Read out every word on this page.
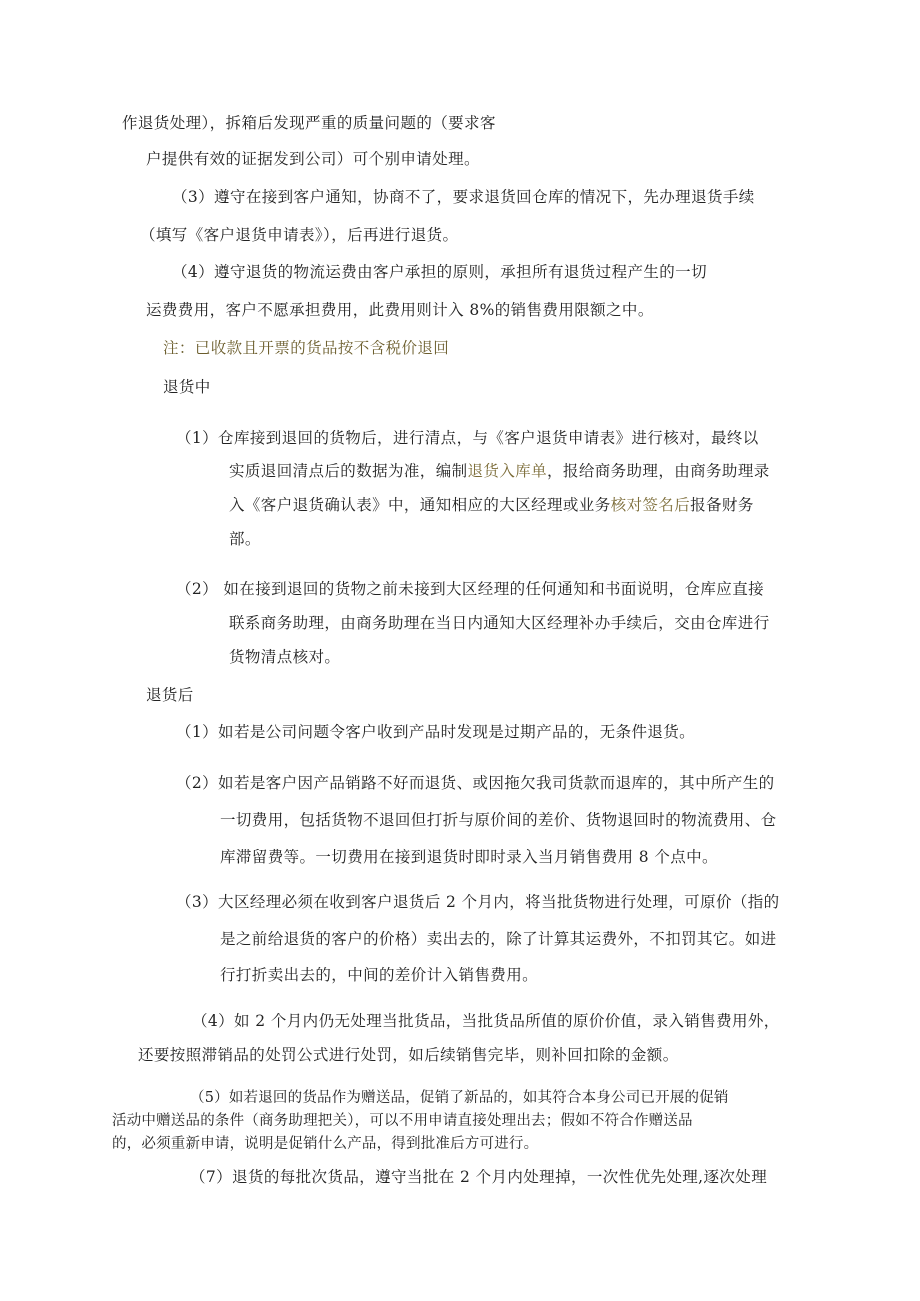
作退货处理），拆箱后发现严重的质量问题的（要求客
户提供有效的证据发到公司）可个别申请处理。
（3）遵守在接到客户通知，协商不了，要求退货回仓库的情况下，先办理退货手续
（填写《客户退货申请表》），后再进行退货。
（4）遵守退货的物流运费由客户承担的原则，承担所有退货过程产生的一切
运费费用，客户不愿承担费用，此费用则计入 8%的销售费用限额之中。
注：已收款且开票的货品按不含税价退回
退货中
（1）仓库接到退回的货物后，进行清点，与《客户退货申请表》进行核对，最终以
实质退回清点后的数据为准，编制退货入库单，报给商务助理，由商务助理录
入《客户退货确认表》中，通知相应的大区经理或业务核对签名后报备财务
部。
（2） 如在接到退回的货物之前未接到大区经理的任何通知和书面说明，仓库应直接
联系商务助理，由商务助理在当日内通知大区经理补办手续后，交由仓库进行
货物清点核对。
退货后
（1）如若是公司问题令客户收到产品时发现是过期产品的，无条件退货。
（2）如若是客户因产品销路不好而退货、或因拖欠我司货款而退库的，其中所产生的
一切费用，包括货物不退回但打折与原价间的差价、货物退回时的物流费用、仓
库滞留费等。一切费用在接到退货时即时录入当月销售费用 8 个点中。
（3）大区经理必须在收到客户退货后 2 个月内，将当批货物进行处理，可原价（指的
是之前给退货的客户的价格）卖出去的，除了计算其运费外，不扣罚其它。如进
行打折卖出去的，中间的差价计入销售费用。
（4）如 2 个月内仍无处理当批货品，当批货品所值的原价价值，录入销售费用外，
还要按照滞销品的处罚公式进行处罚，如后续销售完毕，则补回扣除的金额。
（5）如若退回的货品作为赠送品，促销了新品的，如其符合本身公司已开展的促销
活动中赠送品的条件（商务助理把关），可以不用申请直接处理出去；假如不符合作赠送品
的，必须重新申请，说明是促销什么产品，得到批准后方可进行。
（7）退货的每批次货品，遵守当批在 2 个月内处理掉，一次性优先处理,逐次处理
